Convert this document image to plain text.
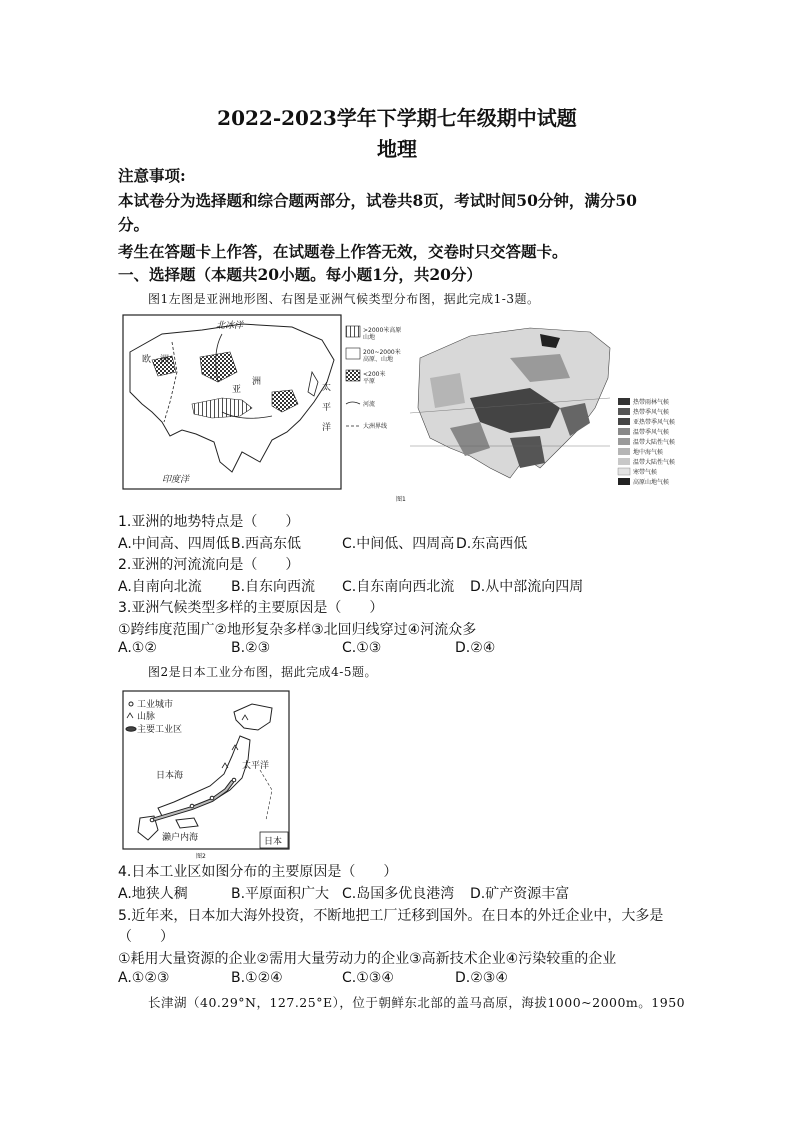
2022-2023学年下学期七年级期中试题
地理
注意事项:
本试卷分为选择题和综合题两部分，试卷共8页，考试时间50分钟，满分50
分。
考生在答题卡上作答，在试题卷上作答无效，交卷时只交答题卡。
一、选择题（本题共20小题。每小题1分，共20分）
图1左图是亚洲地形图、右图是亚洲气候类型分布图，据此完成1-3题。
北冰洋
欧　洲
亚
洲
太
平
洋
印度洋
>2000米高原
山地
200~2000米
高原、山地
<200米
平原
河流
大洲界线
热带雨林气候
热带季风气候
亚热带季风气候
温带季风气候
温带大陆性气候
地中海气候
温带大陆性气候
寒带气候
高原山地气候
图1
1.亚洲的地势特点是（　　）
A.中间高、四周低 B.西高东低	C.中间低、四周高 D.东高西低
2.亚洲的河流流向是（　　）
A.自南向北流 B.自东向西流 C.自东南向西北流 D.从中部流向四周
3.亚洲气候类型多样的主要原因是（　　）
①跨纬度范围广②地形复杂多样③北回归线穿过④河流众多
A.①②	B.②③	C.①③	D.②④
图2是日本工业分布图，据此完成4-5题。
工业城市
山脉
主要工业区
日本海
太平洋
濑户内海	日本
图2
4.日本工业区如图分布的主要原因是（　　）
A.地狭人稠	B.平原面积广大 C.岛国多优良港湾 D.矿产资源丰富
5.近年来，日本加大海外投资，不断地把工厂迁移到国外。在日本的外迁企业中，大多是
（　　）
①耗用大量资源的企业②需用大量劳动力的企业③高新技术企业④污染较重的企业
A.①②③	B.①②④	C.①③④	D.②③④
长津湖（40.29°N，127.25°E），位于朝鲜东北部的盖马高原，海拔1000~2000m。1950
